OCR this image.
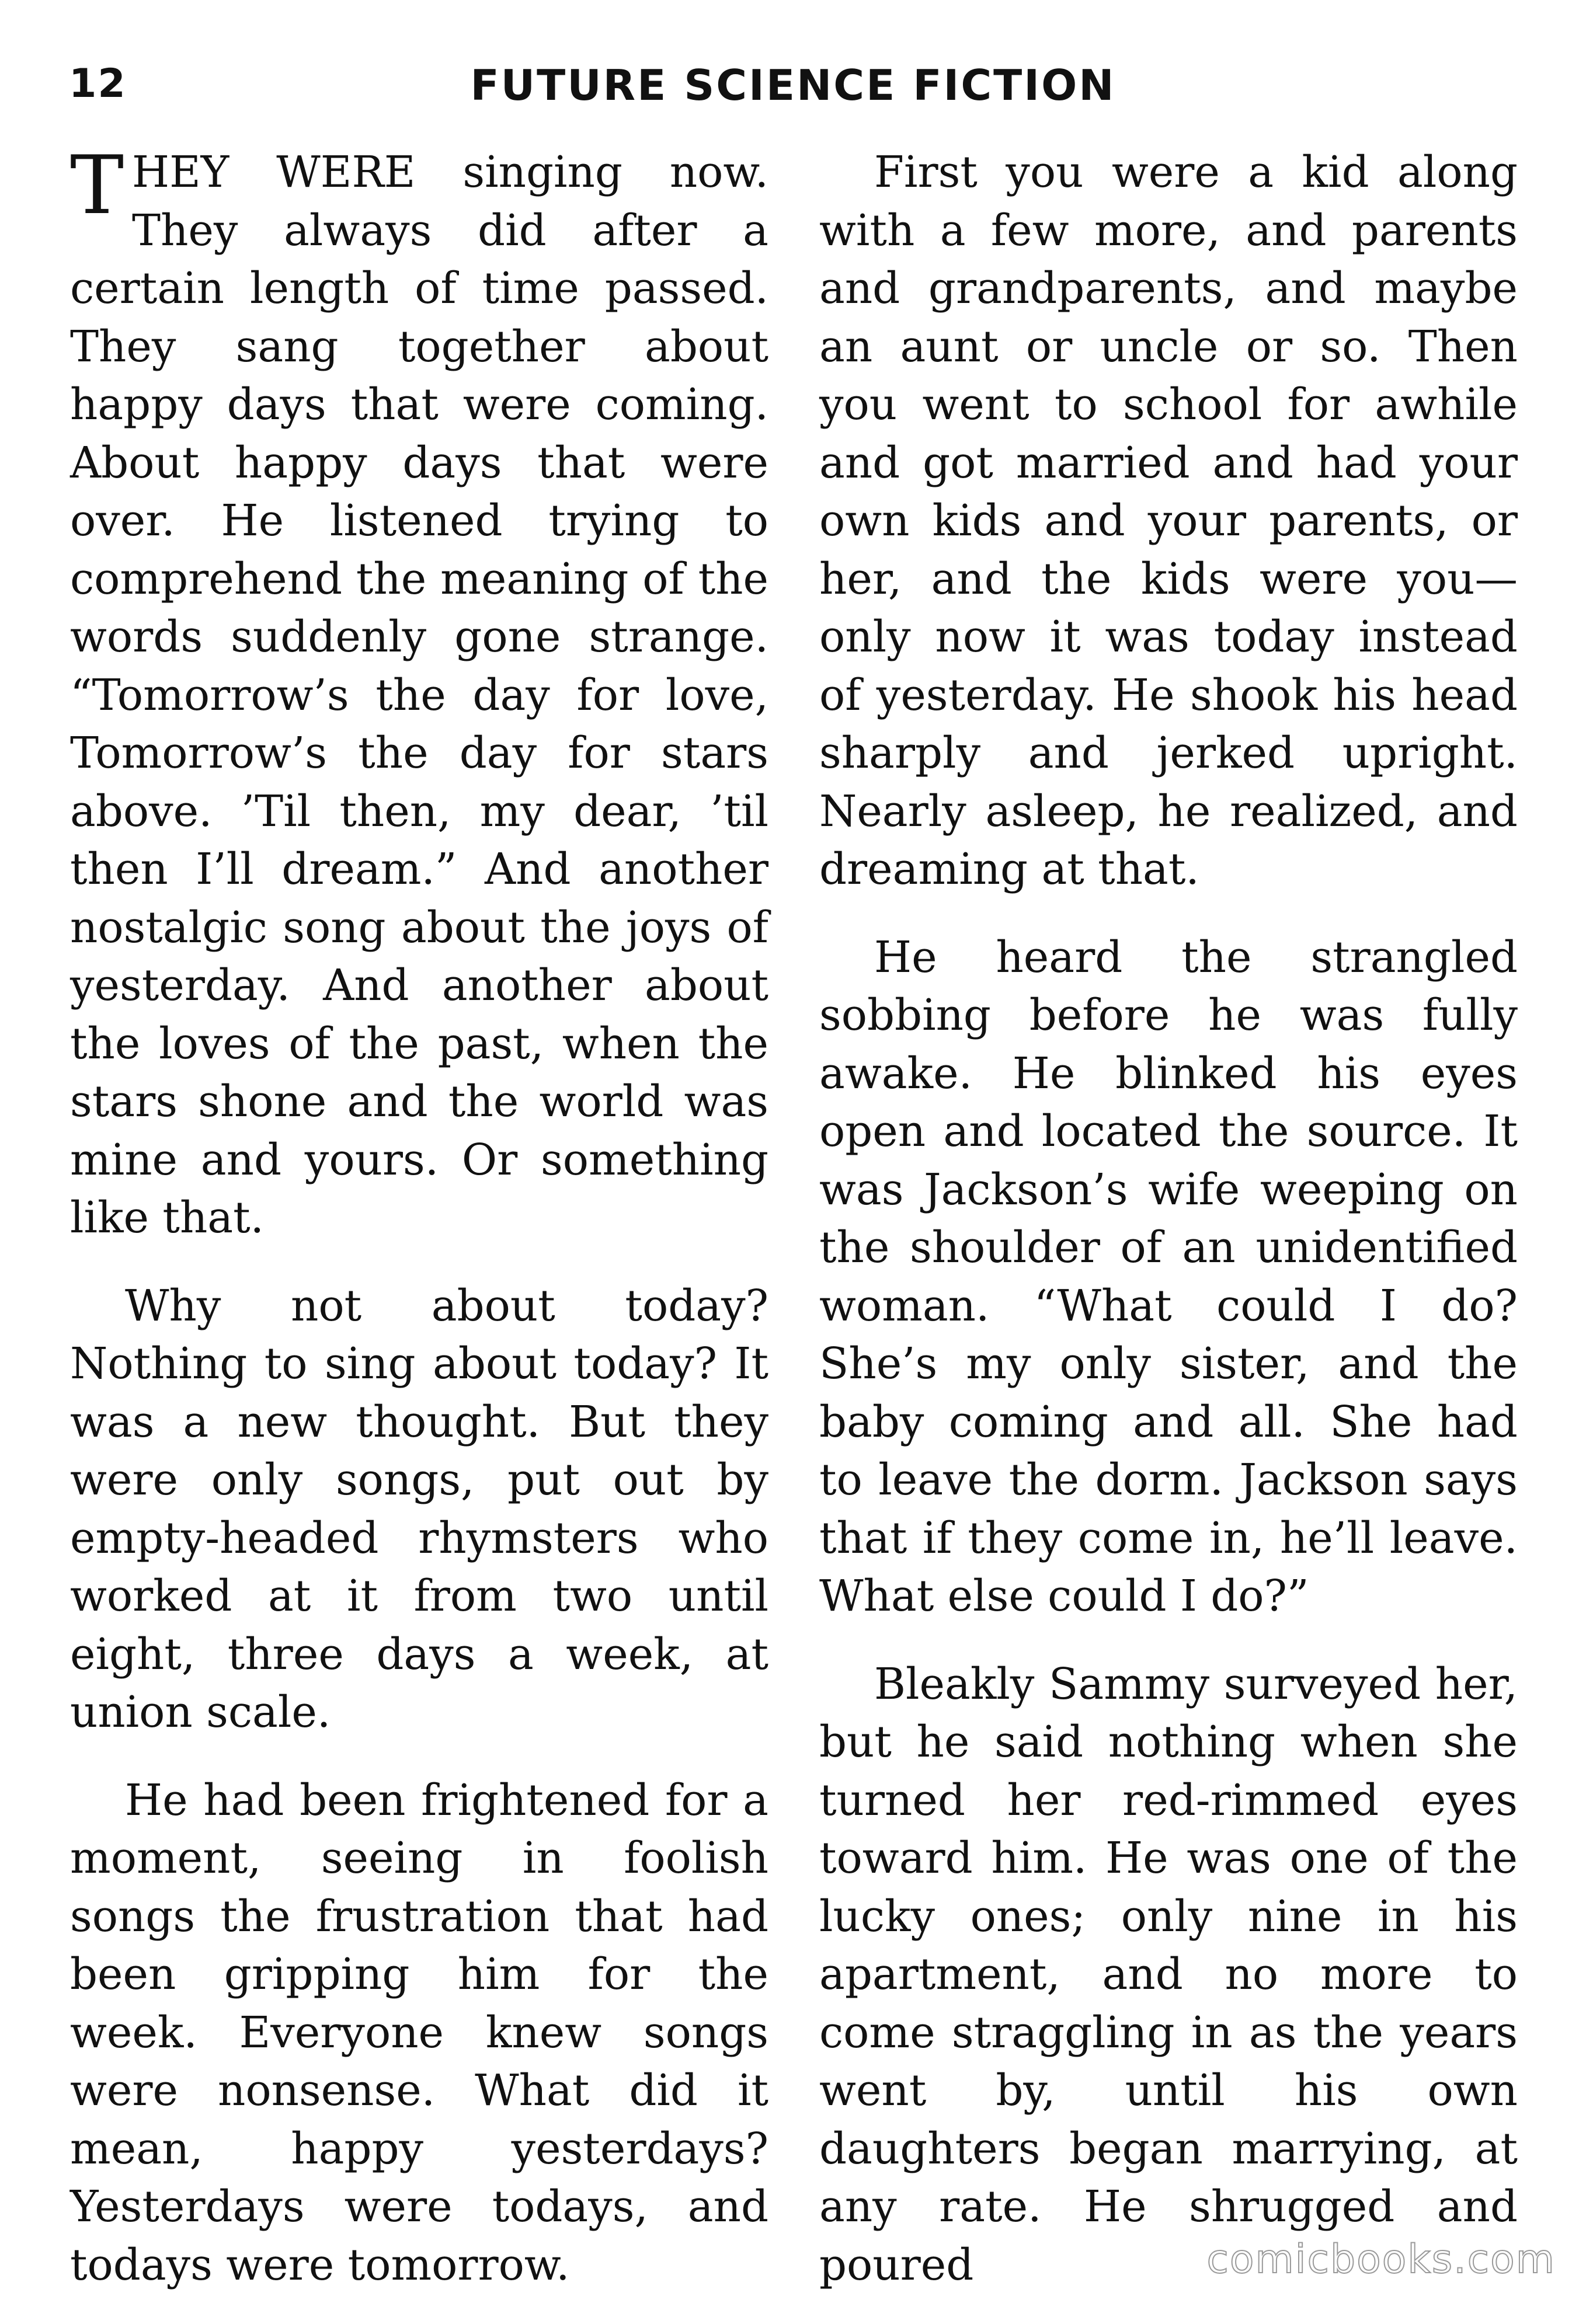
12	FUTURE SCIENCE FICTION

THEY WERE singing now. They always did after a certain length of time passed. They sang together about happy days that were coming. About happy days that were over. He listened trying to comprehend the meaning of the words suddenly gone strange. “Tomorrow’s the day for love, Tomorrow’s the day for stars above. ’Til then, my dear, ’til then I’ll dream.” And another nostalgic song about the joys of yesterday. And another about the loves of the past, when the stars shone and the world was mine and yours. Or something like that.

Why not about today? Nothing to sing about today? It was a new thought. But they were only songs, put out by empty-headed rhymsters who worked at it from two until eight, three days a week, at union scale.

He had been frightened for a moment, seeing in foolish songs the frustration that had been gripping him for the week. Everyone knew songs were nonsense. What did it mean, happy yesterdays? Yesterdays were todays, and todays were tomorrow.

First you were a kid along with a few more, and parents and grandparents, and maybe an aunt or uncle or so. Then you went to school for awhile and got married and had your own kids and your parents, or her, and the kids were you—only now it was today instead of yesterday. He shook his head sharply and jerked upright. Nearly asleep, he realized, and dreaming at that.

He heard the strangled sobbing before he was fully awake. He blinked his eyes open and located the source. It was Jackson’s wife weeping on the shoulder of an unidentified woman. “What could I do? She’s my only sister, and the baby coming and all. She had to leave the dorm. Jackson says that if they come in, he’ll leave. What else could I do?”

Bleakly Sammy surveyed her, but he said nothing when she turned her red-rimmed eyes toward him. He was one of the lucky ones; only nine in his apartment, and no more to come straggling in as the years went by, until his own daughters began marrying, at any rate. He shrugged and poured	comicbooks.com
